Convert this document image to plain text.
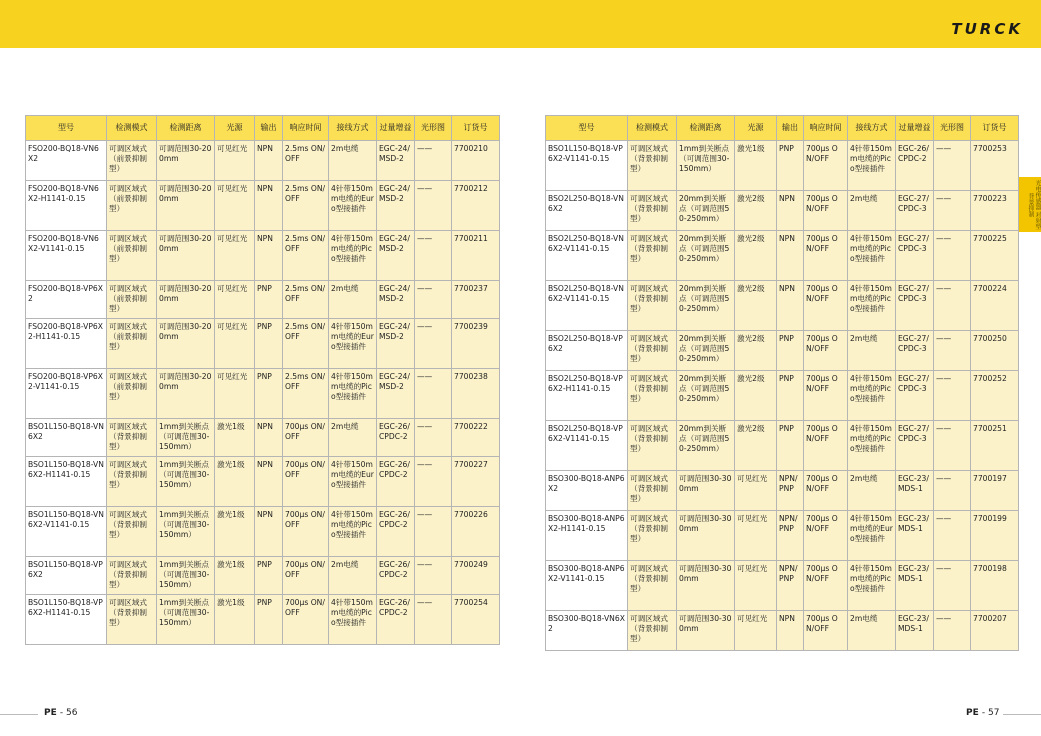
TURCK
光电传感器 对射型 背景抑制
型号	检测模式	检测距离	光源	输出	响应时间	接线方式	过量增益	光形图	订货号
FSO200-BQ18-VN6X2	可调区域式（前景抑制型）	可调范围30-200mm	可见红光	NPN	2.5ms ON/OFF	2m电缆	EGC-24/MSD-2	——	7700210
FSO200-BQ18-VN6X2-H1141-0.15	可调区域式（前景抑制型）	可调范围30-200mm	可见红光	NPN	2.5ms ON/OFF	4针带150mm电缆的Euro型接插件	EGC-24/MSD-2	——	7700212
FSO200-BQ18-VN6X2-V1141-0.15	可调区域式（前景抑制型）	可调范围30-200mm	可见红光	NPN	2.5ms ON/OFF	4针带150mm电缆的Pico型接插件	EGC-24/MSD-2	——	7700211
FSO200-BQ18-VP6X2	可调区域式（前景抑制型）	可调范围30-200mm	可见红光	PNP	2.5ms ON/OFF	2m电缆	EGC-24/MSD-2	——	7700237
FSO200-BQ18-VP6X2-H1141-0.15	可调区域式（前景抑制型）	可调范围30-200mm	可见红光	PNP	2.5ms ON/OFF	4针带150mm电缆的Euro型接插件	EGC-24/MSD-2	——	7700239
FSO200-BQ18-VP6X2-V1141-0.15	可调区域式（前景抑制型）	可调范围30-200mm	可见红光	PNP	2.5ms ON/OFF	4针带150mm电缆的Pico型接插件	EGC-24/MSD-2	——	7700238
BSO1L150-BQ18-VN6X2	可调区域式（背景抑制型）	1mm到关断点（可调范围30-150mm）	激光1级	NPN	700μs ON/OFF	2m电缆	EGC-26/CPDC-2	——	7700222
BSO1L150-BQ18-VN6X2-H1141-0.15	可调区域式（背景抑制型）	1mm到关断点（可调范围30-150mm）	激光1级	NPN	700μs ON/OFF	4针带150mm电缆的Euro型接插件	EGC-26/CPDC-2	——	7700227
BSO1L150-BQ18-VN6X2-V1141-0.15	可调区域式（背景抑制型）	1mm到关断点（可调范围30-150mm）	激光1级	NPN	700μs ON/OFF	4针带150mm电缆的Pico型接插件	EGC-26/CPDC-2	——	7700226
BSO1L150-BQ18-VP6X2	可调区域式（背景抑制型）	1mm到关断点（可调范围30-150mm）	激光1级	PNP	700μs ON/OFF	2m电缆	EGC-26/CPDC-2	——	7700249
BSO1L150-BQ18-VP6X2-H1141-0.15	可调区域式（背景抑制型）	1mm到关断点（可调范围30-150mm）	激光1级	PNP	700μs ON/OFF	4针带150mm电缆的Pico型接插件	EGC-26/CPDC-2	——	7700254
型号	检测模式	检测距离	光源	输出	响应时间	接线方式	过量增益	光形图	订货号
BSO1L150-BQ18-VP6X2-V1141-0.15	可调区域式（背景抑制型）	1mm到关断点（可调范围30-150mm）	激光1级	PNP	700μs ON/OFF	4针带150mm电缆的Pico型接插件	EGC-26/CPDC-2	——	7700253
BSO2L250-BQ18-VN6X2	可调区域式（背景抑制型）	20mm到关断点（可调范围50-250mm）	激光2级	NPN	700μs ON/OFF	2m电缆	EGC-27/CPDC-3	——	7700223
BSO2L250-BQ18-VN6X2-V1141-0.15	可调区域式（背景抑制型）	20mm到关断点（可调范围50-250mm）	激光2级	NPN	700μs ON/OFF	4针带150mm电缆的Pico型接插件	EGC-27/CPDC-3	——	7700225
BSO2L250-BQ18-VN6X2-V1141-0.15	可调区域式（背景抑制型）	20mm到关断点（可调范围50-250mm）	激光2级	NPN	700μs ON/OFF	4针带150mm电缆的Pico型接插件	EGC-27/CPDC-3	——	7700224
BSO2L250-BQ18-VP6X2	可调区域式（背景抑制型）	20mm到关断点（可调范围50-250mm）	激光2级	PNP	700μs ON/OFF	2m电缆	EGC-27/CPDC-3	——	7700250
BSO2L250-BQ18-VP6X2-H1141-0.15	可调区域式（背景抑制型）	20mm到关断点（可调范围50-250mm）	激光2级	PNP	700μs ON/OFF	4针带150mm电缆的Pico型接插件	EGC-27/CPDC-3	——	7700252
BSO2L250-BQ18-VP6X2-V1141-0.15	可调区域式（背景抑制型）	20mm到关断点（可调范围50-250mm）	激光2级	PNP	700μs ON/OFF	4针带150mm电缆的Pico型接插件	EGC-27/CPDC-3	——	7700251
BSO300-BQ18-ANP6X2	可调区域式（背景抑制型）	可调范围30-300mm	可见红光	NPN/PNP	700μs ON/OFF	2m电缆	EGC-23/MDS-1	——	7700197
BSO300-BQ18-ANP6X2-H1141-0.15	可调区域式（背景抑制型）	可调范围30-300mm	可见红光	NPN/PNP	700μs ON/OFF	4针带150mm电缆的Euro型接插件	EGC-23/MDS-1	——	7700199
BSO300-BQ18-ANP6X2-V1141-0.15	可调区域式（背景抑制型）	可调范围30-300mm	可见红光	NPN/PNP	700μs ON/OFF	4针带150mm电缆的Pico型接插件	EGC-23/MDS-1	——	7700198
BSO300-BQ18-VN6X2	可调区域式（背景抑制型）	可调范围30-300mm	可见红光	NPN	700μs ON/OFF	2m电缆	EGC-23/MDS-1	——	7700207
PE - 56	PE - 57
